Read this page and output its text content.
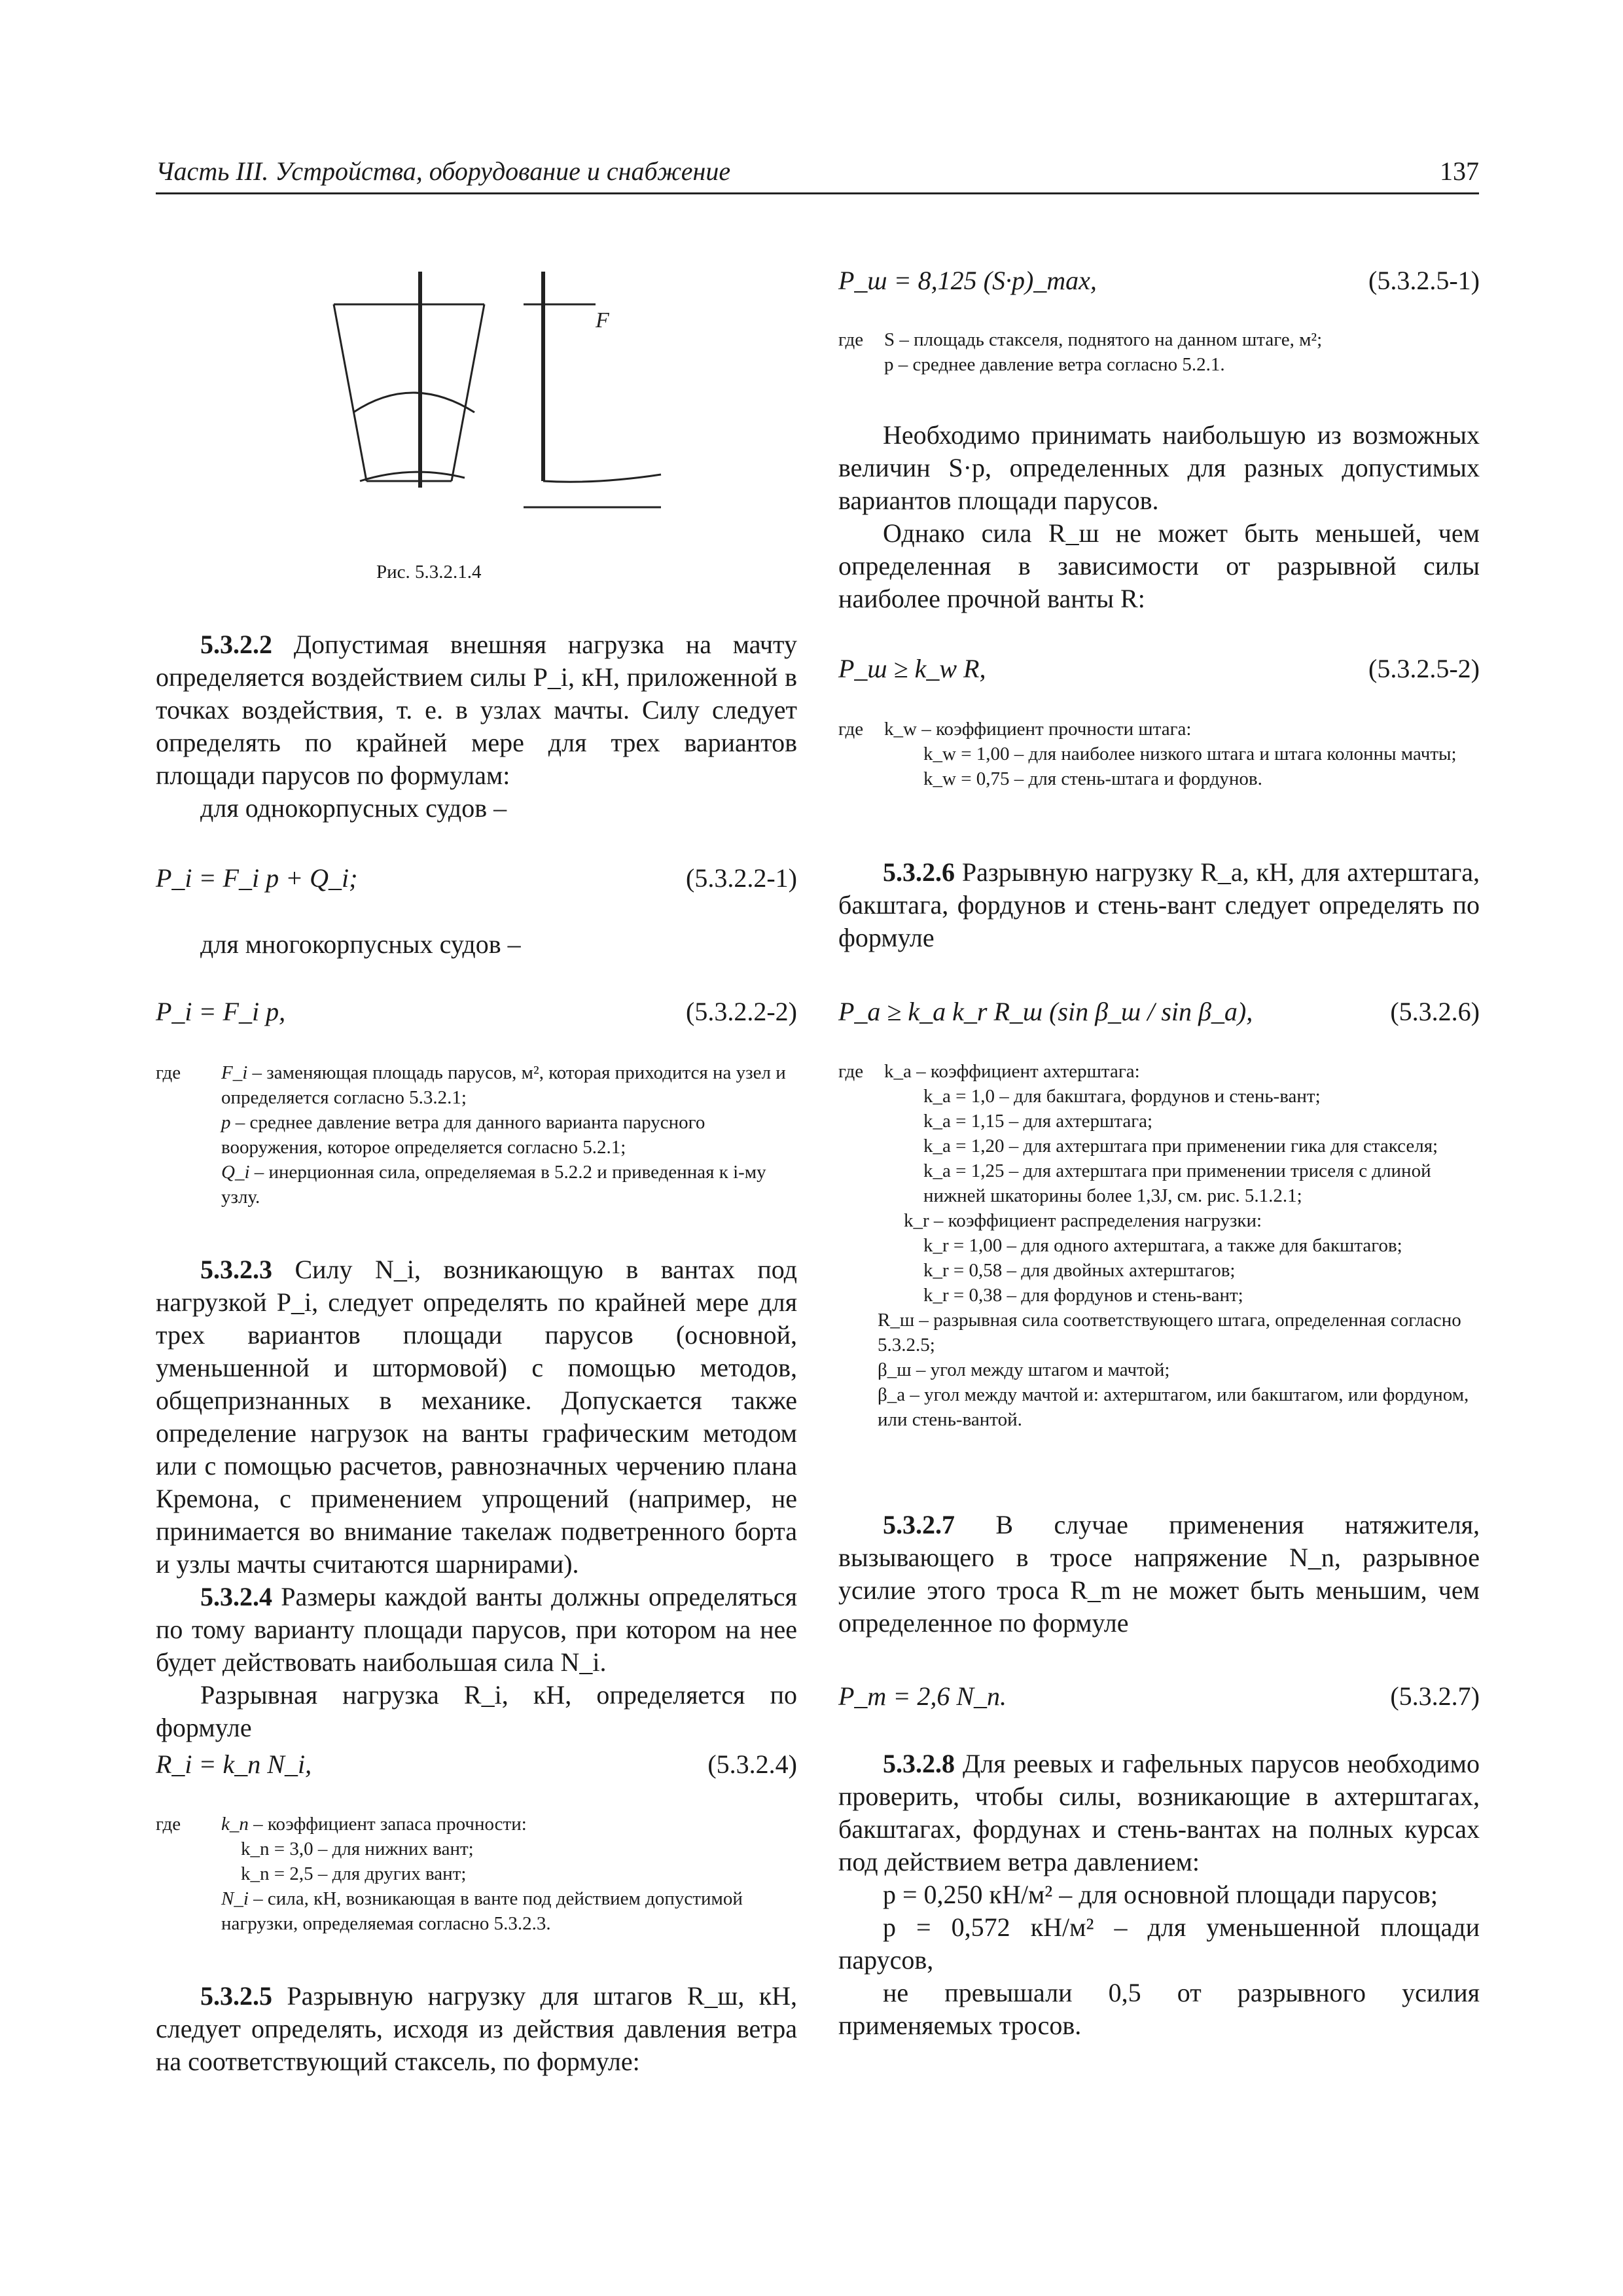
Часть III. Устройства, оборудование и снабжение	137
F
Рис. 5.3.2.1.4

5.3.2.2 Допустимая внешняя нагрузка на мачту определяется воздействием силы P_i, кН, приложенной в точках воздействия, т. е. в узлах мачты. Силу следует определять по крайней мере для трех вариантов площади парусов по формулам:

для однокорпусных судов –

P_i = F_i p + Q_i;	(5.3.2.2-1)

для многокорпусных судов –

P_i = F_i p,	(5.3.2.2-2)
где F_i – заменяющая площадь парусов, м², которая приходится на узел и определяется согласно 5.3.2.1;
p – среднее давление ветра для данного варианта парусного вооружения, которое определяется согласно 5.2.1;
Q_i – инерционная сила, определяемая в 5.2.2 и приведенная к i-му узлу.

5.3.2.3 Силу N_i, возникающую в вантах под нагрузкой P_i, следует определять по крайней мере для трех вариантов площади парусов (основной, уменьшенной и штормовой) с помощью методов, общепризнанных в механике. Допускается также определение нагрузок на ванты графическим методом или с помощью расчетов, равнозначных черчению плана Кремона, с применением упрощений (например, не принимается во внимание такелаж подветренного борта и узлы мачты считаются шарнирами).

5.3.2.4 Размеры каждой ванты должны определяться по тому варианту площади парусов, при котором на нее будет действовать наибольшая сила N_i.

Разрывная нагрузка R_i, кН, определяется по формуле

R_i = k_n N_i,	(5.3.2.4)
где k_n – коэффициент запаса прочности:
k_n = 3,0 – для нижних вант;
k_n = 2,5 – для других вант;
N_i – сила, кН, возникающая в ванте под действием допустимой нагрузки, определяемая согласно 5.3.2.3.

5.3.2.5 Разрывную нагрузку для штагов R_ш, кН, следует определять, исходя из действия давления ветра на соответствующий стаксель, по формуле:

P_ш = 8,125 (S·p)_max,	(5.3.2.5-1)
где S – площадь стакселя, поднятого на данном штаге, м²;
p – среднее давление ветра согласно 5.2.1.

Необходимо принимать наибольшую из возможных величин S·p, определенных для разных допустимых вариантов площади парусов.

Однако сила R_ш не может быть меньшей, чем определенная в зависимости от разрывной силы наиболее прочной ванты R:

P_ш ≥ k_w R,	(5.3.2.5-2)
где k_w – коэффициент прочности штага:
k_w = 1,00 – для наиболее низкого штага и штага колонны мачты;
k_w = 0,75 – для стень-штага и фордунов.

5.3.2.6 Разрывную нагрузку R_a, кН, для ахтерштага, бакштага, фордунов и стень-вант следует определять по формуле

P_a ≥ k_a k_r R_ш (sin β_ш / sin β_a),	(5.3.2.6)
где k_a – коэффициент ахтерштага:
k_a = 1,0 – для бакштага, фордунов и стень-вант;
k_a = 1,15 – для ахтерштага;
k_a = 1,20 – для ахтерштага при применении гика для стакселя;
k_a = 1,25 – для ахтерштага при применении триселя с длиной нижней шкаторины более 1,3J, см. рис. 5.1.2.1;
k_r – коэффициент распределения нагрузки:
k_r = 1,00 – для одного ахтерштага, а также для бакштагов;
k_r = 0,58 – для двойных ахтерштагов;
k_r = 0,38 – для фордунов и стень-вант;
R_ш – разрывная сила соответствующего штага, определенная согласно 5.3.2.5;
β_ш – угол между штагом и мачтой;
β_a – угол между мачтой и: ахтерштагом, или бакштагом, или фордуном, или стень-вантой.

5.3.2.7 В случае применения натяжителя, вызывающего в тросе напряжение N_n, разрывное усилие этого троса R_m не может быть меньшим, чем определенное по формуле

P_m = 2,6 N_n.	(5.3.2.7)

5.3.2.8 Для реевых и гафельных парусов необходимо проверить, чтобы силы, возникающие в ахтерштагах, бакштагах, фордунах и стень-вантах на полных курсах под действием ветра давлением:

p = 0,250 кН/м² – для основной площади парусов;

p = 0,572 кН/м² – для уменьшенной площади парусов,

не превышали 0,5 от разрывного усилия применяемых тросов.
